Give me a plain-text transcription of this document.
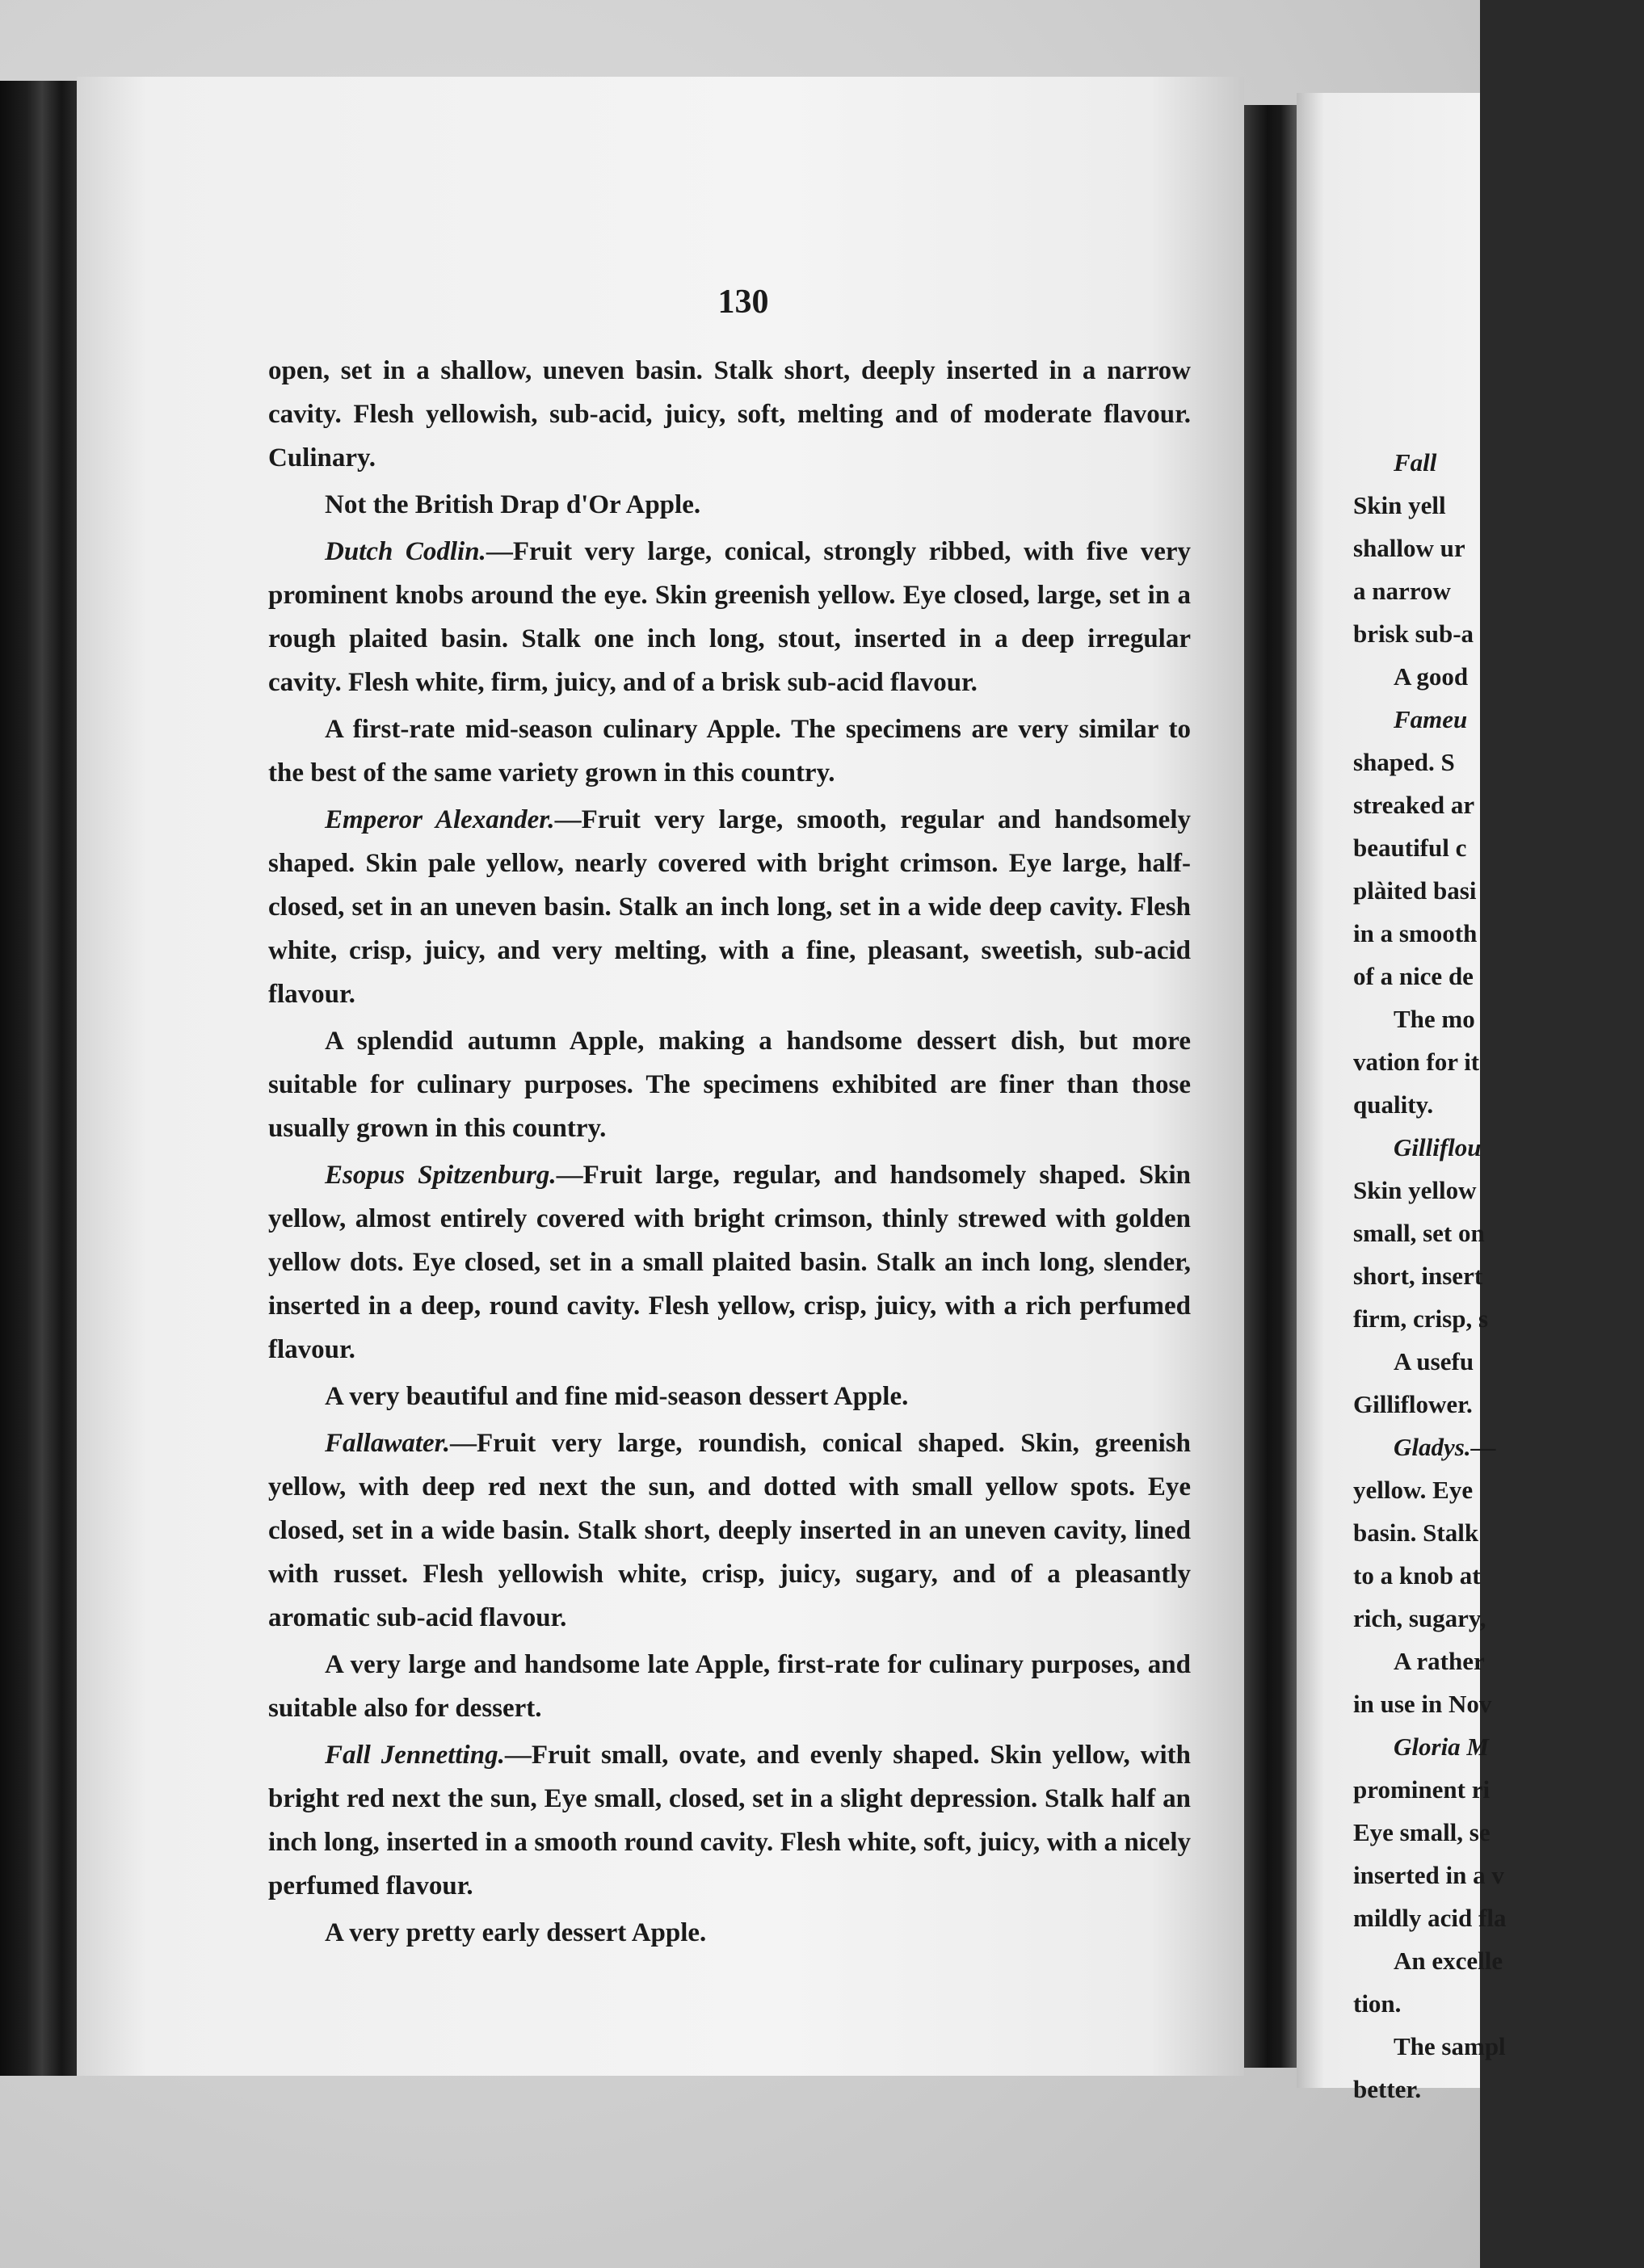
130

open, set in a shallow, uneven basin. Stalk short, deeply inserted in a narrow cavity. Flesh yellowish, sub-acid, juicy, soft, melting and of moderate flavour. Culinary.

Not the British Drap d'Or Apple.

Dutch Codlin.—Fruit very large, conical, strongly ribbed, with five very prominent knobs around the eye. Skin greenish yellow. Eye closed, large, set in a rough plaited basin. Stalk one inch long, stout, inserted in a deep irregular cavity. Flesh white, firm, juicy, and of a brisk sub-acid flavour.

A first-rate mid-season culinary Apple. The specimens are very similar to the best of the same variety grown in this country.

Emperor Alexander.—Fruit very large, smooth, regular and handsomely shaped. Skin pale yellow, nearly covered with bright crimson. Eye large, half-closed, set in an uneven basin. Stalk an inch long, set in a wide deep cavity. Flesh white, crisp, juicy, and very melting, with a fine, pleasant, sweetish, sub-acid flavour.

A splendid autumn Apple, making a handsome dessert dish, but more suitable for culinary purposes. The specimens exhibited are finer than those usually grown in this country.

Esopus Spitzenburg.—Fruit large, regular, and handsomely shaped. Skin yellow, almost entirely covered with bright crimson, thinly strewed with golden yellow dots. Eye closed, set in a small plaited basin. Stalk an inch long, slender, inserted in a deep, round cavity. Flesh yellow, crisp, juicy, with a rich perfumed flavour.

A very beautiful and fine mid-season dessert Apple.

Fallawater.—Fruit very large, roundish, conical shaped. Skin, greenish yellow, with deep red next the sun, and dotted with small yellow spots. Eye closed, set in a wide basin. Stalk short, deeply inserted in an uneven cavity, lined with russet. Flesh yellowish white, crisp, juicy, sugary, and of a pleasantly aromatic sub-acid flavour.

A very large and handsome late Apple, first-rate for culinary purposes, and suitable also for dessert.

Fall Jennetting.—Fruit small, ovate, and evenly shaped. Skin yellow, with bright red next the sun, Eye small, closed, set in a slight depression. Stalk half an inch long, inserted in a smooth round cavity. Flesh white, soft, juicy, with a nicely perfumed flavour.

A very pretty early dessert Apple.

Fall
Skin yell
shallow ur
a narrow
brisk sub-a
A good
Fameu
shaped. S
streaked ar
beautiful c
plàited basi
in a smooth
of a nice de
The mo
vation for it
quality.
Gilliflou
Skin yellow
small, set on
short, insert
firm, crisp, s
A usefu
Gilliflower.
Gladys.—
yellow. Eye
basin. Stalk
to a knob at
rich, sugary,
A rather
in use in Nov
Gloria M
prominent ri
Eye small, se
inserted in a v
mildly acid fla
An excelle
tion.
The sampl
better.
